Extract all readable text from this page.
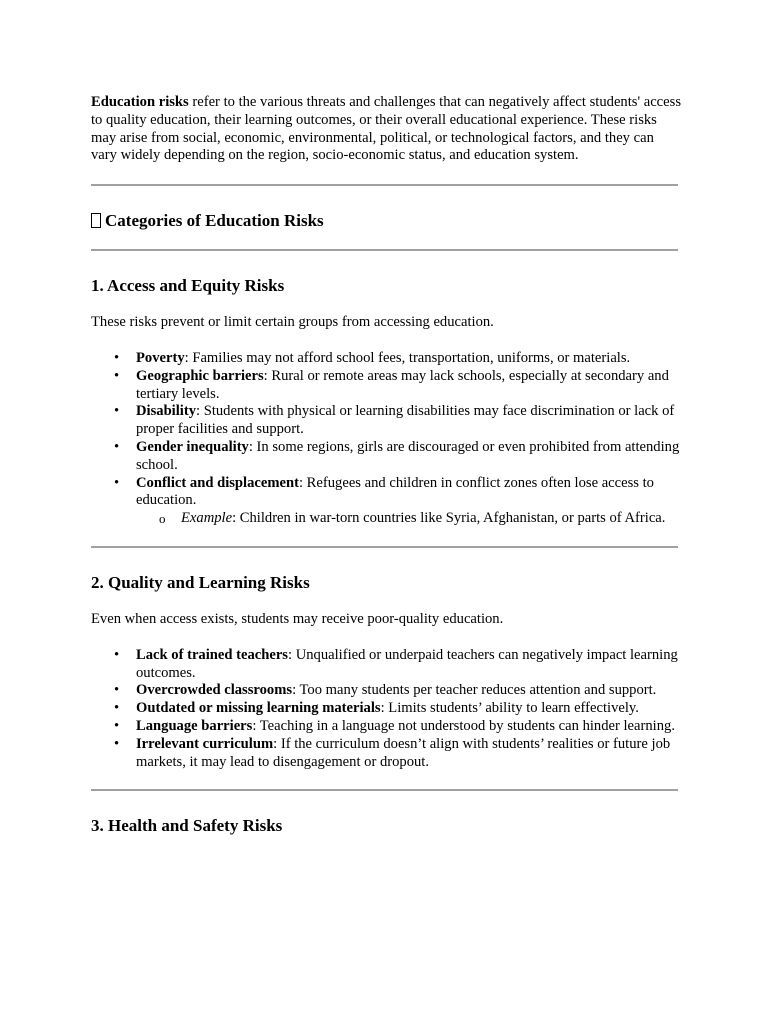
Education risks refer to the various threats and challenges that can negatively affect students' access to quality education, their learning outcomes, or their overall educational experience. These risks may arise from social, economic, environmental, political, or technological factors, and they can vary widely depending on the region, socio-economic status, and education system.

Categories of Education Risks
1. Access and Equity Risks

These risks prevent or limit certain groups from accessing education.

• Poverty: Families may not afford school fees, transportation, uniforms, or materials.
• Geographic barriers: Rural or remote areas may lack schools, especially at secondary and tertiary levels.
• Disability: Students with physical or learning disabilities may face discrimination or lack of proper facilities and support.
• Gender inequality: In some regions, girls are discouraged or even prohibited from attending school.
• Conflict and displacement: Refugees and children in conflict zones often lose access to education.
o Example: Children in war-torn countries like Syria, Afghanistan, or parts of Africa.
2. Quality and Learning Risks

Even when access exists, students may receive poor-quality education.

• Lack of trained teachers: Unqualified or underpaid teachers can negatively impact learning outcomes.
• Overcrowded classrooms: Too many students per teacher reduces attention and support.
• Outdated or missing learning materials: Limits students’ ability to learn effectively.
• Language barriers: Teaching in a language not understood by students can hinder learning.
• Irrelevant curriculum: If the curriculum doesn’t align with students’ realities or future job markets, it may lead to disengagement or dropout.
3. Health and Safety Risks
